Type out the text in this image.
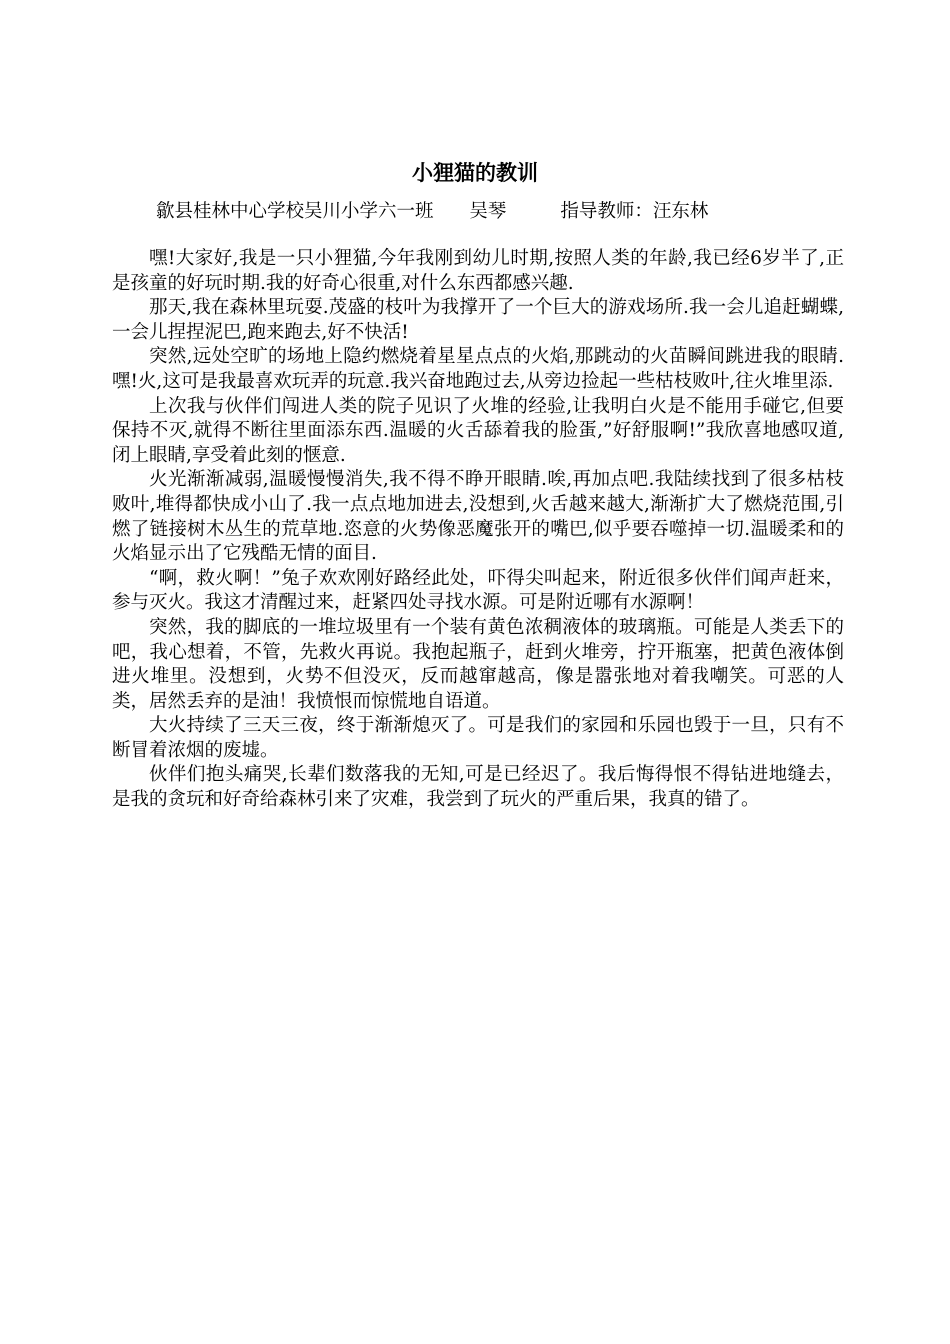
小狸猫的教训
歙县桂林中心学校吴川小学六一班 吴琴	指导教师：汪东林

嘿!大家好,我是一只小狸猫,今年我刚到幼儿时期,按照人类的年龄,我已经6岁半了,正是孩童的好玩时期.我的好奇心很重,对什么东西都感兴趣.

那天,我在森林里玩耍.茂盛的枝叶为我撑开了一个巨大的游戏场所.我一会儿追赶蝴蝶,一会儿捏捏泥巴,跑来跑去,好不快活!

突然,远处空旷的场地上隐约燃烧着星星点点的火焰,那跳动的火苗瞬间跳进我的眼睛.嘿!火,这可是我最喜欢玩弄的玩意.我兴奋地跑过去,从旁边捡起一些枯枝败叶,往火堆里添.

上次我与伙伴们闯进人类的院子见识了火堆的经验,让我明白火是不能用手碰它,但要保持不灭,就得不断往里面添东西.温暖的火舌舔着我的脸蛋,”好舒服啊!”我欣喜地感叹道,闭上眼睛,享受着此刻的惬意.

火光渐渐减弱,温暖慢慢消失,我不得不睁开眼睛.唉,再加点吧.我陆续找到了很多枯枝败叶,堆得都快成小山了.我一点点地加进去,没想到,火舌越来越大,渐渐扩大了燃烧范围,引燃了链接树木丛生的荒草地.恣意的火势像恶魔张开的嘴巴,似乎要吞噬掉一切.温暖柔和的火焰显示出了它残酷无情的面目.

“啊，救火啊！”兔子欢欢刚好路经此处，吓得尖叫起来，附近很多伙伴们闻声赶来，参与灭火。我这才清醒过来，赶紧四处寻找水源。可是附近哪有水源啊！

突然，我的脚底的一堆垃圾里有一个装有黄色浓稠液体的玻璃瓶。可能是人类丢下的吧，我心想着，不管，先救火再说。我抱起瓶子，赶到火堆旁，拧开瓶塞，把黄色液体倒进火堆里。没想到，火势不但没灭，反而越窜越高，像是嚣张地对着我嘲笑。可恶的人类，居然丢弃的是油！我愤恨而惊慌地自语道。

大火持续了三天三夜，终于渐渐熄灭了。可是我们的家园和乐园也毁于一旦，只有不断冒着浓烟的废墟。

伙伴们抱头痛哭,长辈们数落我的无知,可是已经迟了。我后悔得恨不得钻进地缝去，是我的贪玩和好奇给森林引来了灾难，我尝到了玩火的严重后果，我真的错了。
